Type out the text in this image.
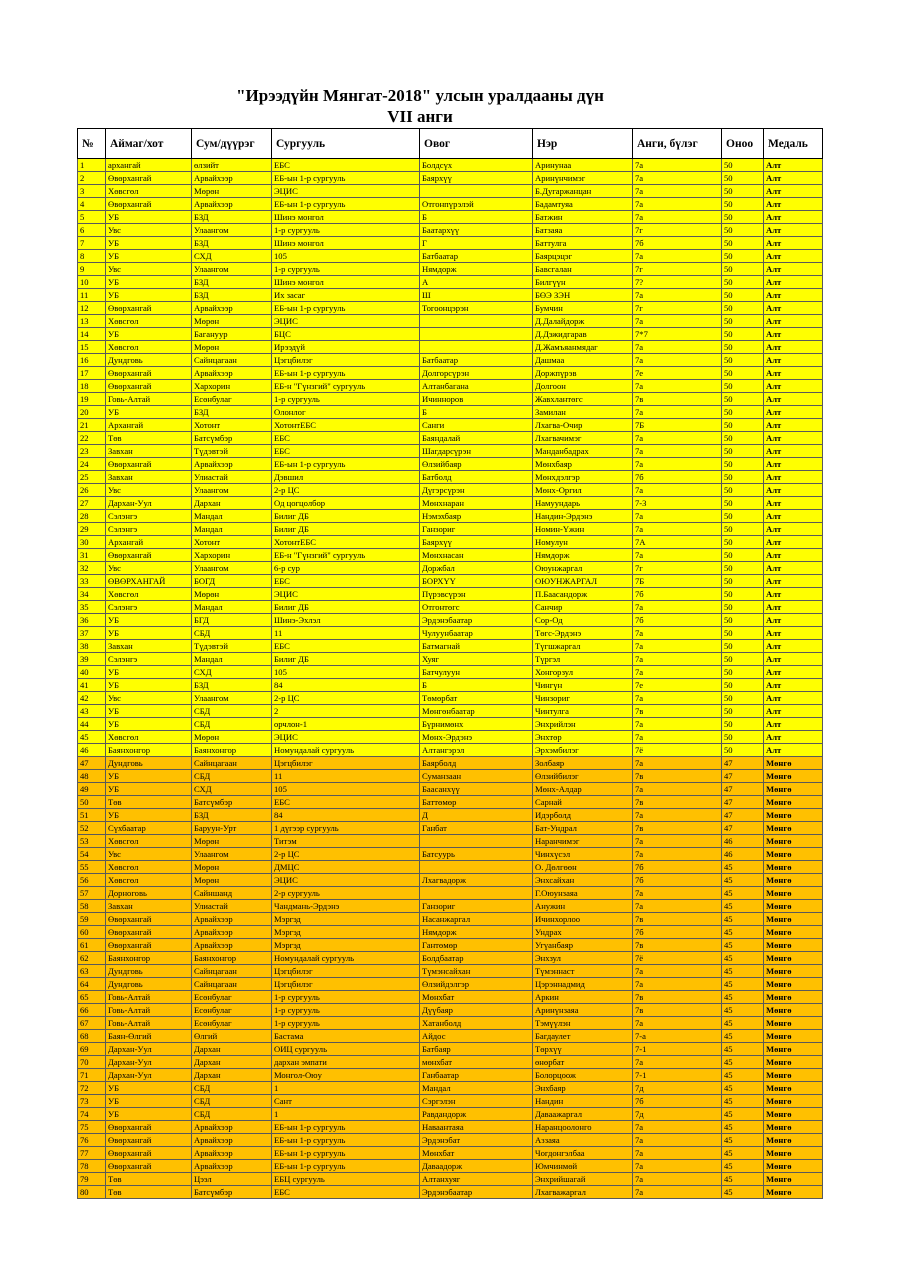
"Ирээдүйн Мянгат-2018" улсын уралдааны дүн
VII анги
№	Аймаг/хот	Сум/дүүрэг	Сургууль	Овог	Нэр	Анги, бүлэг	Оноо	Медаль
1	архангай	өлзийт	ЕБС	Болдсүх	Аринунаа	7а	50	Алт
2	Өвөрхангай	Арвайхээр	ЕБ-ын 1-р сургууль	Баярхүү	Аринүнчимэг	7а	50	Алт
3	Хөвсгөл	Мөрөн	ЭЦИС		Б.Дугаржанцан	7а	50	Алт
4	Өвөрхангай	Арвайхээр	ЕБ-ын 1-р сургууль	Отгонпүрэлэй	Бадамтуяа	7а	50	Алт
5	УБ	БЗД	Шинэ монгол	Б	Батжин	7а	50	Алт
6	Увс	Улаангом	1-р сургууль	Баатархүү	Батзаяа	7г	50	Алт
7	УБ	БЗД	Шинэ монгол	Г	Баттулга	7б	50	Алт
8	УБ	СХД	105	Батбаатар	Баярцэцэг	7а	50	Алт
9	Увс	Улаангом	1-р сургууль	Нямдорж	Бавсгалан	7г	50	Алт
10	УБ	БЗД	Шинэ монгол	А	Билгүүн	7?	50	Алт
11	УБ	БЗД	Их засаг	Ш	БӨЭ ЗЭН	7а	50	Алт
12	Өвөрхангай	Арвайхээр	ЕБ-ын 1-р сургууль	Тогоонцэрэн	Бумчин	7г	50	Алт
13	Хөвсгөл	Мөрөн	ЭЦИС		Д.Далайдорж	7а	50	Алт
14	УБ	Багануур	БЦС		Д.Дэжидгарав	7*7	50	Алт
15	Хөвсгөл	Мөрөн	Ирээдүй		Д.Жамъяанмядаг	7а	50	Алт
16	Дундговь	Сайнцагаан	Цэгцбилэг	Батбаатар	Дашмаа	7а	50	Алт
17	Өвөрхангай	Арвайхээр	ЕБ-ын 1-р сургууль	Долгорсүрэн	Доржпүрэв	7е	50	Алт
18	Өвөрхангай	Хархорин	ЕБ-н "Гүнзгий" сургууль	Алтанбагана	Долгоон	7а	50	Алт
19	Говь-Алтай	Есөнбулаг	1-р сургууль	Ичинноров	Жавхлантөгс	7в	50	Алт
20	УБ	БЗД	Олонлог	Б	Замилан	7а	50	Алт
21	Архангай	Хотонт	ХотонтЕБС	Санги	Лхагва-Очир	7Б	50	Алт
22	Төв	Батсүмбэр	ЕБС	Баяндалай	Лхагвачимэг	7а	50	Алт
23	Завхан	Түдэвтэй	ЕБС	Шагдарсүрэн	Манданбадрах	7а	50	Алт
24	Өвөрхангай	Арвайхээр	ЕБ-ын 1-р сургууль	Өлзийбаяр	Мөнхбаяр	7а	50	Алт
25	Завхан	Улиастай	Дэвшил	Батболд	Мөнхдэлгэр	7б	50	Алт
26	Увс	Улаангом	2-р ЦС	Дүгэрсүрэн	Мөнх-Оргил	7а	50	Алт
27	Дархан-Уул	Дархан	Од цогцолбор	Мөнхнаран	Намуундарь	7-3	50	Алт
28	Сэлэнгэ	Мандал	Билиг ДБ	Нэмэхбаяр	Нандин-Эрдэнэ	7а	50	Алт
29	Сэлэнгэ	Мандал	Билиг ДБ	Ганзориг	Номин-Үжин	7а	50	Алт
30	Архангай	Хотонт	ХотонтЕБС	Баярхүү	Номулун	7А	50	Алт
31	Өвөрхангай	Хархорин	ЕБ-н "Гүнзгий" сургууль	Мөнхнасан	Нямдорж	7а	50	Алт
32	Увс	Улаангом	6-р сур	Доржбал	Оюунжаргал	7г	50	Алт
33	ӨВӨРХАНГАЙ	БОГД	ЕБС	БОРХҮҮ	ОЮУНЖАРГАЛ	7Б	50	Алт
34	Хөвсгөл	Мөрөн	ЭЦИС	Пүрэвсүрэн	П.Баасандорж	7б	50	Алт
35	Сэлэнгэ	Мандал	Билиг ДБ	Отгонтөгс	Санчир	7а	50	Алт
36	УБ	БГД	Шинэ-Эхлэл	Эрдэнэбаатар	Сор-Од	7б	50	Алт
37	УБ	СБД	11	Чулуунбаатар	Төгс-Эрдэнэ	7а	50	Алт
38	Завхан	Түдэвтэй	ЕБС	Батмагнай	Түгшжаргал	7а	50	Алт
39	Сэлэнгэ	Мандал	Билиг ДБ	Хуяг	Түргэл	7а	50	Алт
40	УБ	СХД	105	Батчулуун	Хонгорзул	7а	50	Алт
41	УБ	БЗД	84	Б	Чингүн	7е	50	Алт
42	Увс	Улаангом	2-р ЦС	Төмөрбат	Чинзориг	7а	50	Алт
43	УБ	СБД	2	Мөнгөнбаатар	Чинтулга	7в	50	Алт
44	УБ	СБД	орчлон-1	Бүрнимөнх	Энхрийлэн	7а	50	Алт
45	Хөвсгөл	Мөрөн	ЭЦИС	Мөнх-Эрдэнэ	Энхтөр	7а	50	Алт
46	Баянхонгор	Баянхонгор	Номундалай сургууль	Алтангэрэл	Эрхэмбилэг	7ё	50	Алт
47	Дундговь	Сайнцагаан	Цэгцбилэг	Баярболд	Золбаяр	7а	47	Мөнгө
48	УБ	СБД	11	Суманзаан	Өлзийбилэг	7в	47	Мөнгө
49	УБ	СХД	105	Баасанхүү	Мөнх-Алдар	7а	47	Мөнгө
50	Төв	Батсүмбэр	ЕБС	Баттөмөр	Сарнай	7в	47	Мөнгө
51	УБ	БЗД	84	Д	Идэрболд	7а	47	Мөнгө
52	Сүхбаатар	Баруун-Урт	1 дүгээр сургууль	Ганбат	Бат-Ундрал	7в	47	Мөнгө
53	Хөвсгөл	Мөрөн	Титэм		Наранчимэг	7а	46	Мөнгө
54	Увс	Улаангом	2-р ЦС	Батсуурь	Чинхүсэл	7а	46	Мөнгө
55	Хөвсгөл	Мөрөн	ДМЦС		О. Дөлгөөн	7б	45	Мөнгө
56	Хөвсгөл	Мөрөн	ЭЦИС	Лхагвадорж	Энхсайхан	7б	45	Мөнгө
57	Дорноговь	Сайншанд	2-р сургууль		Г.Оюунзаяа	7а	45	Мөнгө
58	Завхан	Улиастай	Чандмань-Эрдэнэ	Ганзориг	Анужин	7а	45	Мөнгө
59	Өвөрхангай	Арвайхээр	Мэргэд	Насанжаргал	Ичинхорлоо	7в	45	Мөнгө
60	Өвөрхангай	Арвайхээр	Мэргэд	Нямдорж	Ундрах	7б	45	Мөнгө
61	Өвөрхангай	Арвайхээр	Мэргэд	Гантөмөр	Угүанбаяр	7в	45	Мөнгө
62	Баянхонгор	Баянхонгор	Номундалай сургууль	Болдбаатар	Энхзул	7ё	45	Мөнгө
63	Дундговь	Сайнцагаан	Цэгцбилэг	Түмэнсайхан	Түмэннаст	7а	45	Мөнгө
64	Дундговь	Сайнцагаан	Цэгцбилэг	Өлзийдэлгэр	Цэрэннадмид	7а	45	Мөнгө
65	Говь-Алтай	Есөнбулаг	1-р сургууль	Мөнхбат	Аркин	7в	45	Мөнгө
66	Говь-Алтай	Есөнбулаг	1-р сургууль	Дүүбаяр	Аринүнзаяа	7в	45	Мөнгө
67	Говь-Алтай	Есөнбулаг	1-р сургууль	Хатанболд	Тэмүүлэн	7а	45	Мөнгө
68	Баян-Өлгий	Өлгий	Бастама	Айдос	Багдаулет	7-а	45	Мөнгө
69	Дархан-Уул	Дархан	ОИЦ сургууль	Батбаяр	Төрхүү	7-1	45	Мөнгө
70	Дархан-Уул	Дархан	дархан эмпати	мөнхбат	өнөрбат	7а	45	Мөнгө
71	Дархан-Уул	Дархан	Монгол-Оюу	Ганбаатар	Болорцоож	7-1	45	Мөнгө
72	УБ	СБД	1	Мандал	Энхбаяр	7д	45	Мөнгө
73	УБ	СБД	Сант	Сэргэлэн	Нандин	7б	45	Мөнгө
74	УБ	СБД	1	Равдандорж	Даваажаргал	7д	45	Мөнгө
75	Өвөрхангай	Арвайхээр	ЕБ-ын 1-р сургууль	Наваантаяа	Наранцоолонго	7а	45	Мөнгө
76	Өвөрхангай	Арвайхээр	ЕБ-ын 1-р сургууль	Эрдэнэбат	Аззаяа	7а	45	Мөнгө
77	Өвөрхангай	Арвайхээр	ЕБ-ын 1-р сургууль	Мөнхбат	Чогдонгэлбаа	7а	45	Мөнгө
78	Өвөрхангай	Арвайхээр	ЕБ-ын 1-р сургууль	Даваадорж	Юмчинмөй	7а	45	Мөнгө
79	Төв	Цээл	ЕБЦ сургууль	Алтанхуяг	Энхрийшагай	7а	45	Мөнгө
80	Төв	Батсүмбэр	ЕБС	Эрдэнэбаатар	Лхагважаргал	7а	45	Мөнгө
